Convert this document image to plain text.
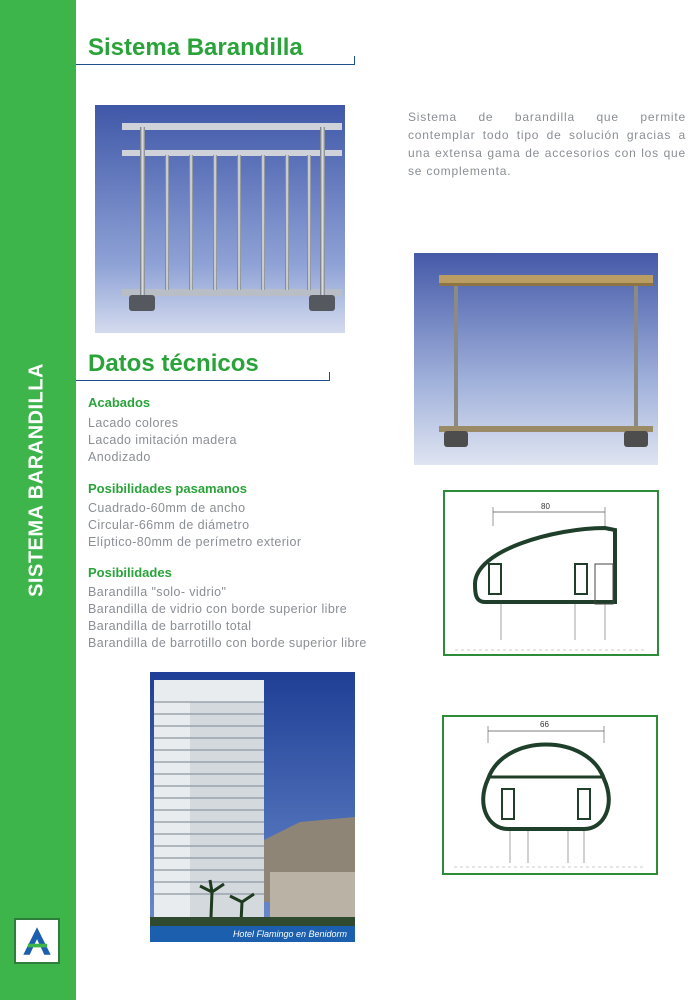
SISTEMA BARANDILLA
Sistema Barandilla
Sistema de barandilla que permite contemplar todo tipo de solución gracias a una extensa gama de accesorios con los que se complementa.
Datos técnicos
Acabados
Lacado colores
Lacado imitación madera
Anodizado
Posibilidades pasamanos
Cuadrado-60mm de ancho
Circular-66mm de diámetro
Elíptico-80mm de perímetro exterior
Posibilidades
Barandilla "solo- vidrio"
Barandilla de vidrio con borde superior libre
Barandilla de barrotillo total
Barandilla de barrotillo con borde superior libre
80
Hotel Flamingo en Benidorm
66
